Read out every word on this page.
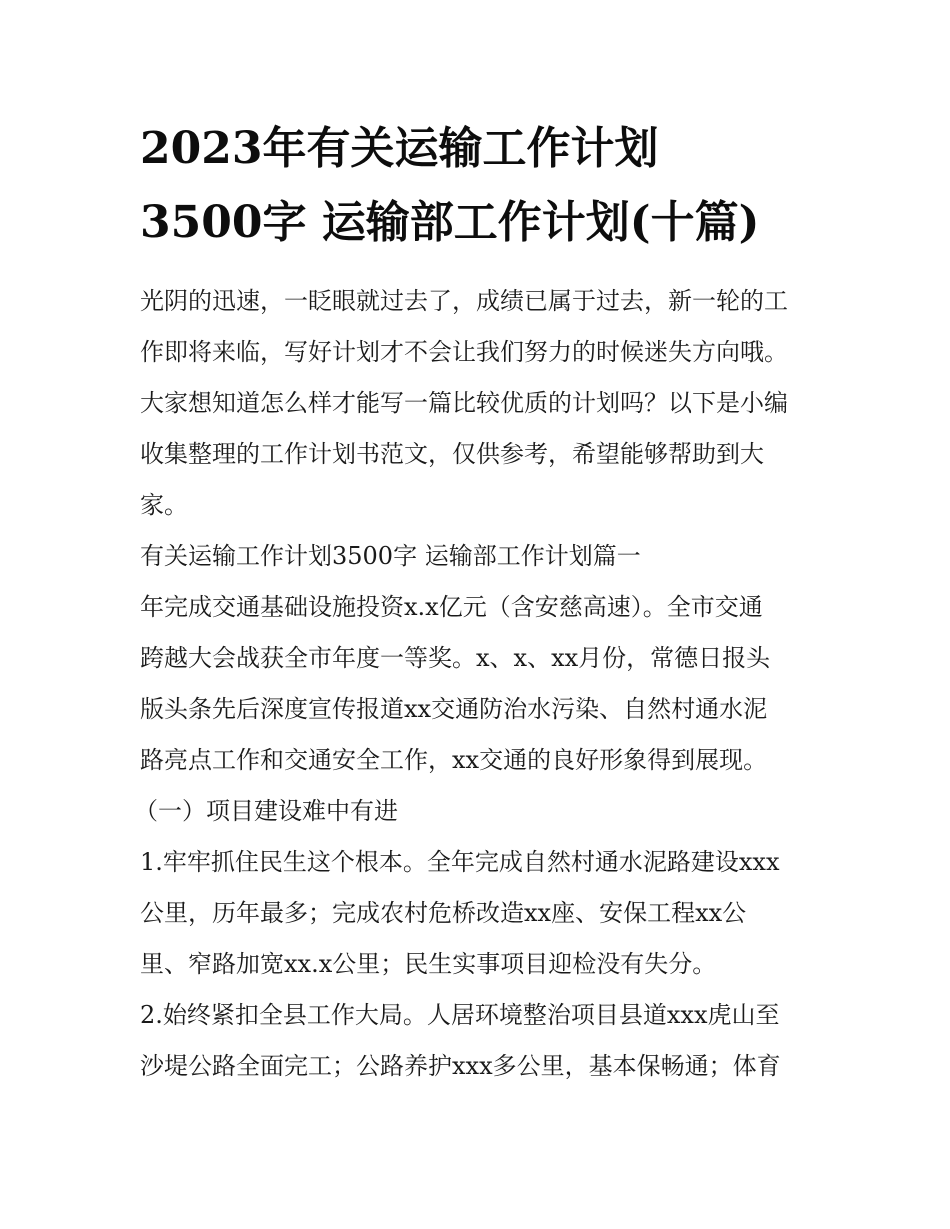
2023年有关运输工作计划
3500字 运输部工作计划(十篇)
光阴的迅速，一眨眼就过去了，成绩已属于过去，新一轮的工
作即将来临，写好计划才不会让我们努力的时候迷失方向哦。
大家想知道怎么样才能写一篇比较优质的计划吗？以下是小编
收集整理的工作计划书范文，仅供参考，希望能够帮助到大
家。
有关运输工作计划3500字 运输部工作计划篇一
年完成交通基础设施投资x.x亿元（含安慈高速）。全市交通
跨越大会战获全市年度一等奖。x、x、xx月份，常德日报头
版头条先后深度宣传报道xx交通防治水污染、自然村通水泥
路亮点工作和交通安全工作，xx交通的良好形象得到展现。
（一）项目建设难中有进
1.牢牢抓住民生这个根本。全年完成自然村通水泥路建设xxx
公里，历年最多；完成农村危桥改造xx座、安保工程xx公
里、窄路加宽xx.x公里；民生实事项目迎检没有失分。
2.始终紧扣全县工作大局。人居环境整治项目县道xxx虎山至
沙堤公路全面完工；公路养护xxx多公里，基本保畅通；体育
